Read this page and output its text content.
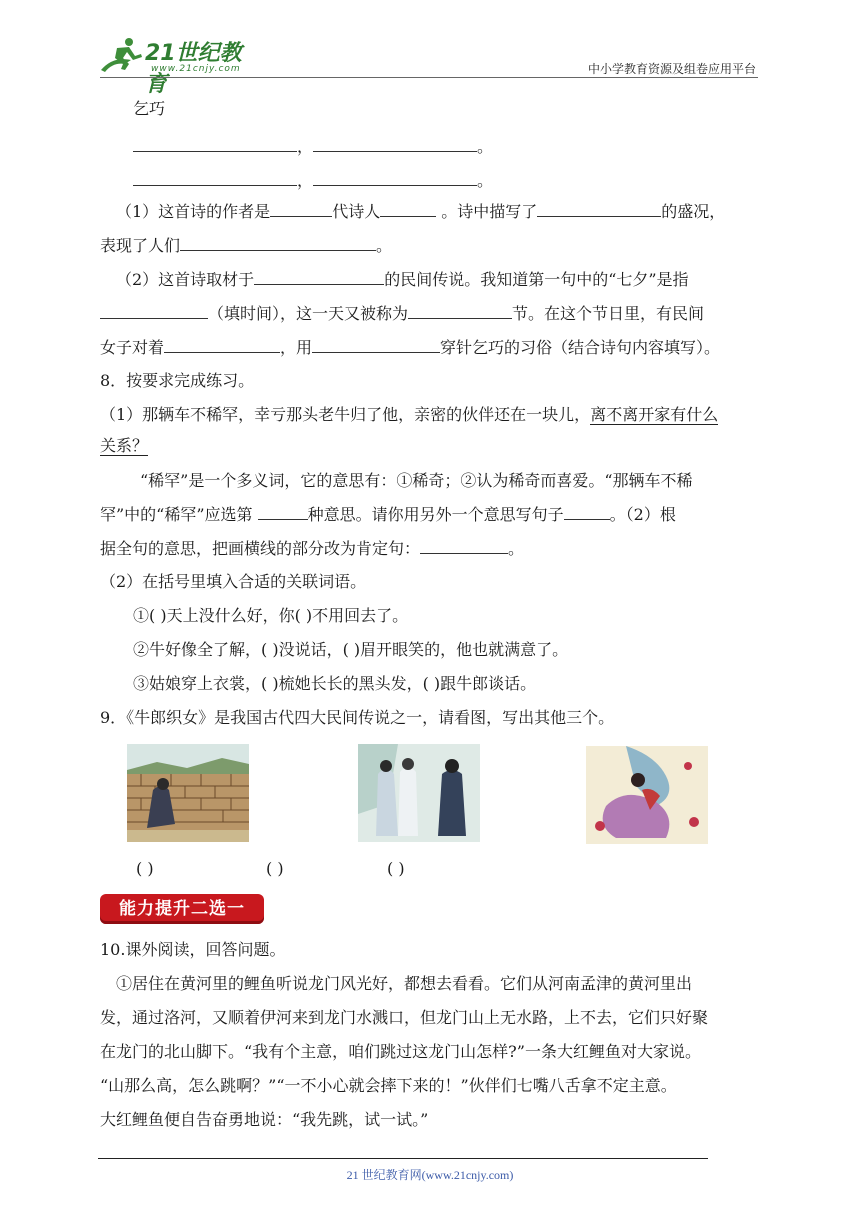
21世纪教育
www.21cnjy.com	中小学教育资源及组卷应用平台
乞巧
，	。
，	。
（1）这首诗的作者是	代诗人	。诗中描写了	的盛况，
表现了人们	。
（2）这首诗取材于	的民间传说。我知道第一句中的“七夕”是指
（填时间），这一天又被称为	节。在这个节日里，有民间
女子对着	，用	穿针乞巧的习俗（结合诗句内容填写）。
8．按要求完成练习。
（1）那辆车不稀罕，幸亏那头老牛归了他，亲密的伙伴还在一块儿，离不离开家有什么
关系？
“稀罕”是一个多义词，它的意思有：①稀奇；②认为稀奇而喜爱。“那辆车不稀
罕”中的“稀罕”应选第	种意思。请你用另外一个意思写句子	。（2）根
据全句的意思，把画横线的部分改为肯定句：	。
（2）在括号里填入合适的关联词语。
①( )天上没什么好，你( )不用回去了。
②牛好像全了解，( )没说话，( )眉开眼笑的，他也就满意了。
③姑娘穿上衣裳，( )梳她长长的黑头发，( )跟牛郎谈话。
9．《牛郎织女》是我国古代四大民间传说之一，请看图，写出其他三个。
( )	( )	( )
能力提升二选一
10.课外阅读，回答问题。
①居住在黄河里的鲤鱼听说龙门风光好，都想去看看。它们从河南孟津的黄河里出
发，通过洛河，又顺着伊河来到龙门水溅口，但龙门山上无水路，上不去，它们只好聚
在龙门的北山脚下。“我有个主意，咱们跳过这龙门山怎样?”一条大红鲤鱼对大家说。
“山那么高，怎么跳啊？”“一不小心就会摔下来的！”伙伴们七嘴八舌拿不定主意。
大红鲤鱼便自告奋勇地说：“我先跳，试一试。”
21 世纪教育网(www.21cnjy.com)
